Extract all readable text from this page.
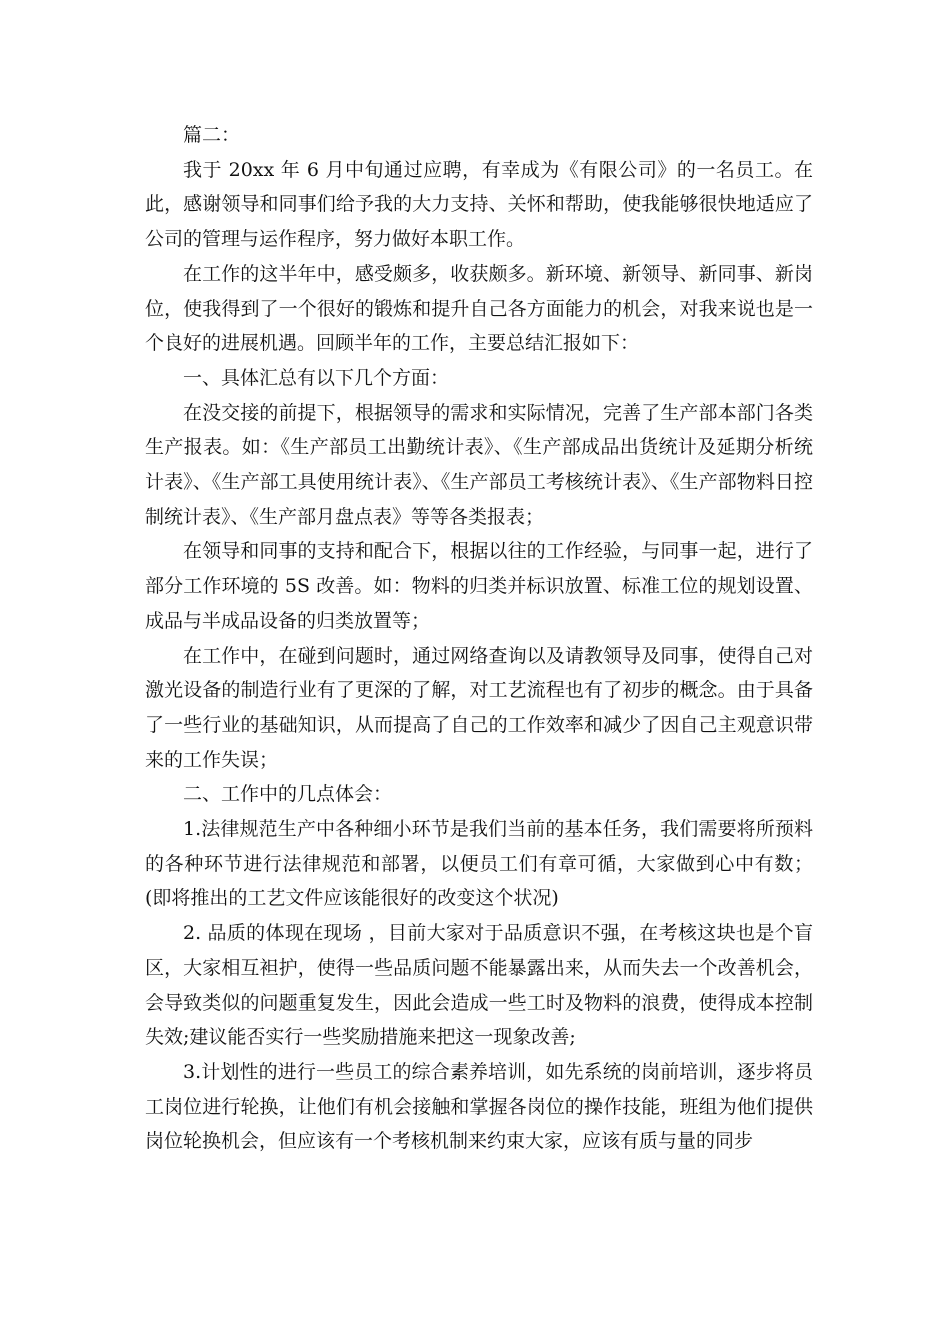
篇二：

我于 20xx 年 6 月中旬通过应聘，有幸成为《有限公司》的一名员工。在此，感谢领导和同事们给予我的大力支持、关怀和帮助，使我能够很快地适应了公司的管理与运作程序，努力做好本职工作。

在工作的这半年中，感受颇多，收获颇多。新环境、新领导、新同事、新岗位，使我得到了一个很好的锻炼和提升自己各方面能力的机会，对我来说也是一个良好的进展机遇。回顾半年的工作，主要总结汇报如下：

一、具体汇总有以下几个方面：

在没交接的前提下，根据领导的需求和实际情况，完善了生产部本部门各类生产报表。如：《生产部员工出勤统计表》、《生产部成品出货统计及延期分析统计表》、《生产部工具使用统计表》、《生产部员工考核统计表》、《生产部物料日控制统计表》、《生产部月盘点表》等等各类报表；

在领导和同事的支持和配合下，根据以往的工作经验，与同事一起，进行了部分工作环境的 5S 改善。如：物料的归类并标识放置、标准工位的规划设置、成品与半成品设备的归类放置等；

在工作中，在碰到问题时，通过网络查询以及请教领导及同事，使得自己对激光设备的制造行业有了更深的了解，对工艺流程也有了初步的概念。由于具备了一些行业的基础知识，从而提高了自己的工作效率和减少了因自己主观意识带来的工作失误；

二、工作中的几点体会：

1.法律规范生产中各种细小环节是我们当前的基本任务，我们需要将所预料的各种环节进行法律规范和部署，以便员工们有章可循，大家做到心中有数；(即将推出的工艺文件应该能很好的改变这个状况)

2. 品质的体现在现场 ，目前大家对于品质意识不强，在考核这块也是个盲区，大家相互袒护，使得一些品质问题不能暴露出来，从而失去一个改善机会，会导致类似的问题重复发生，因此会造成一些工时及物料的浪费，使得成本控制失效;建议能否实行一些奖励措施来把这一现象改善;

3.计划性的进行一些员工的综合素养培训，如先系统的岗前培训，逐步将员工岗位进行轮换，让他们有机会接触和掌握各岗位的操作技能，班组为他们提供岗位轮换机会，但应该有一个考核机制来约束大家，应该有质与量的同步
